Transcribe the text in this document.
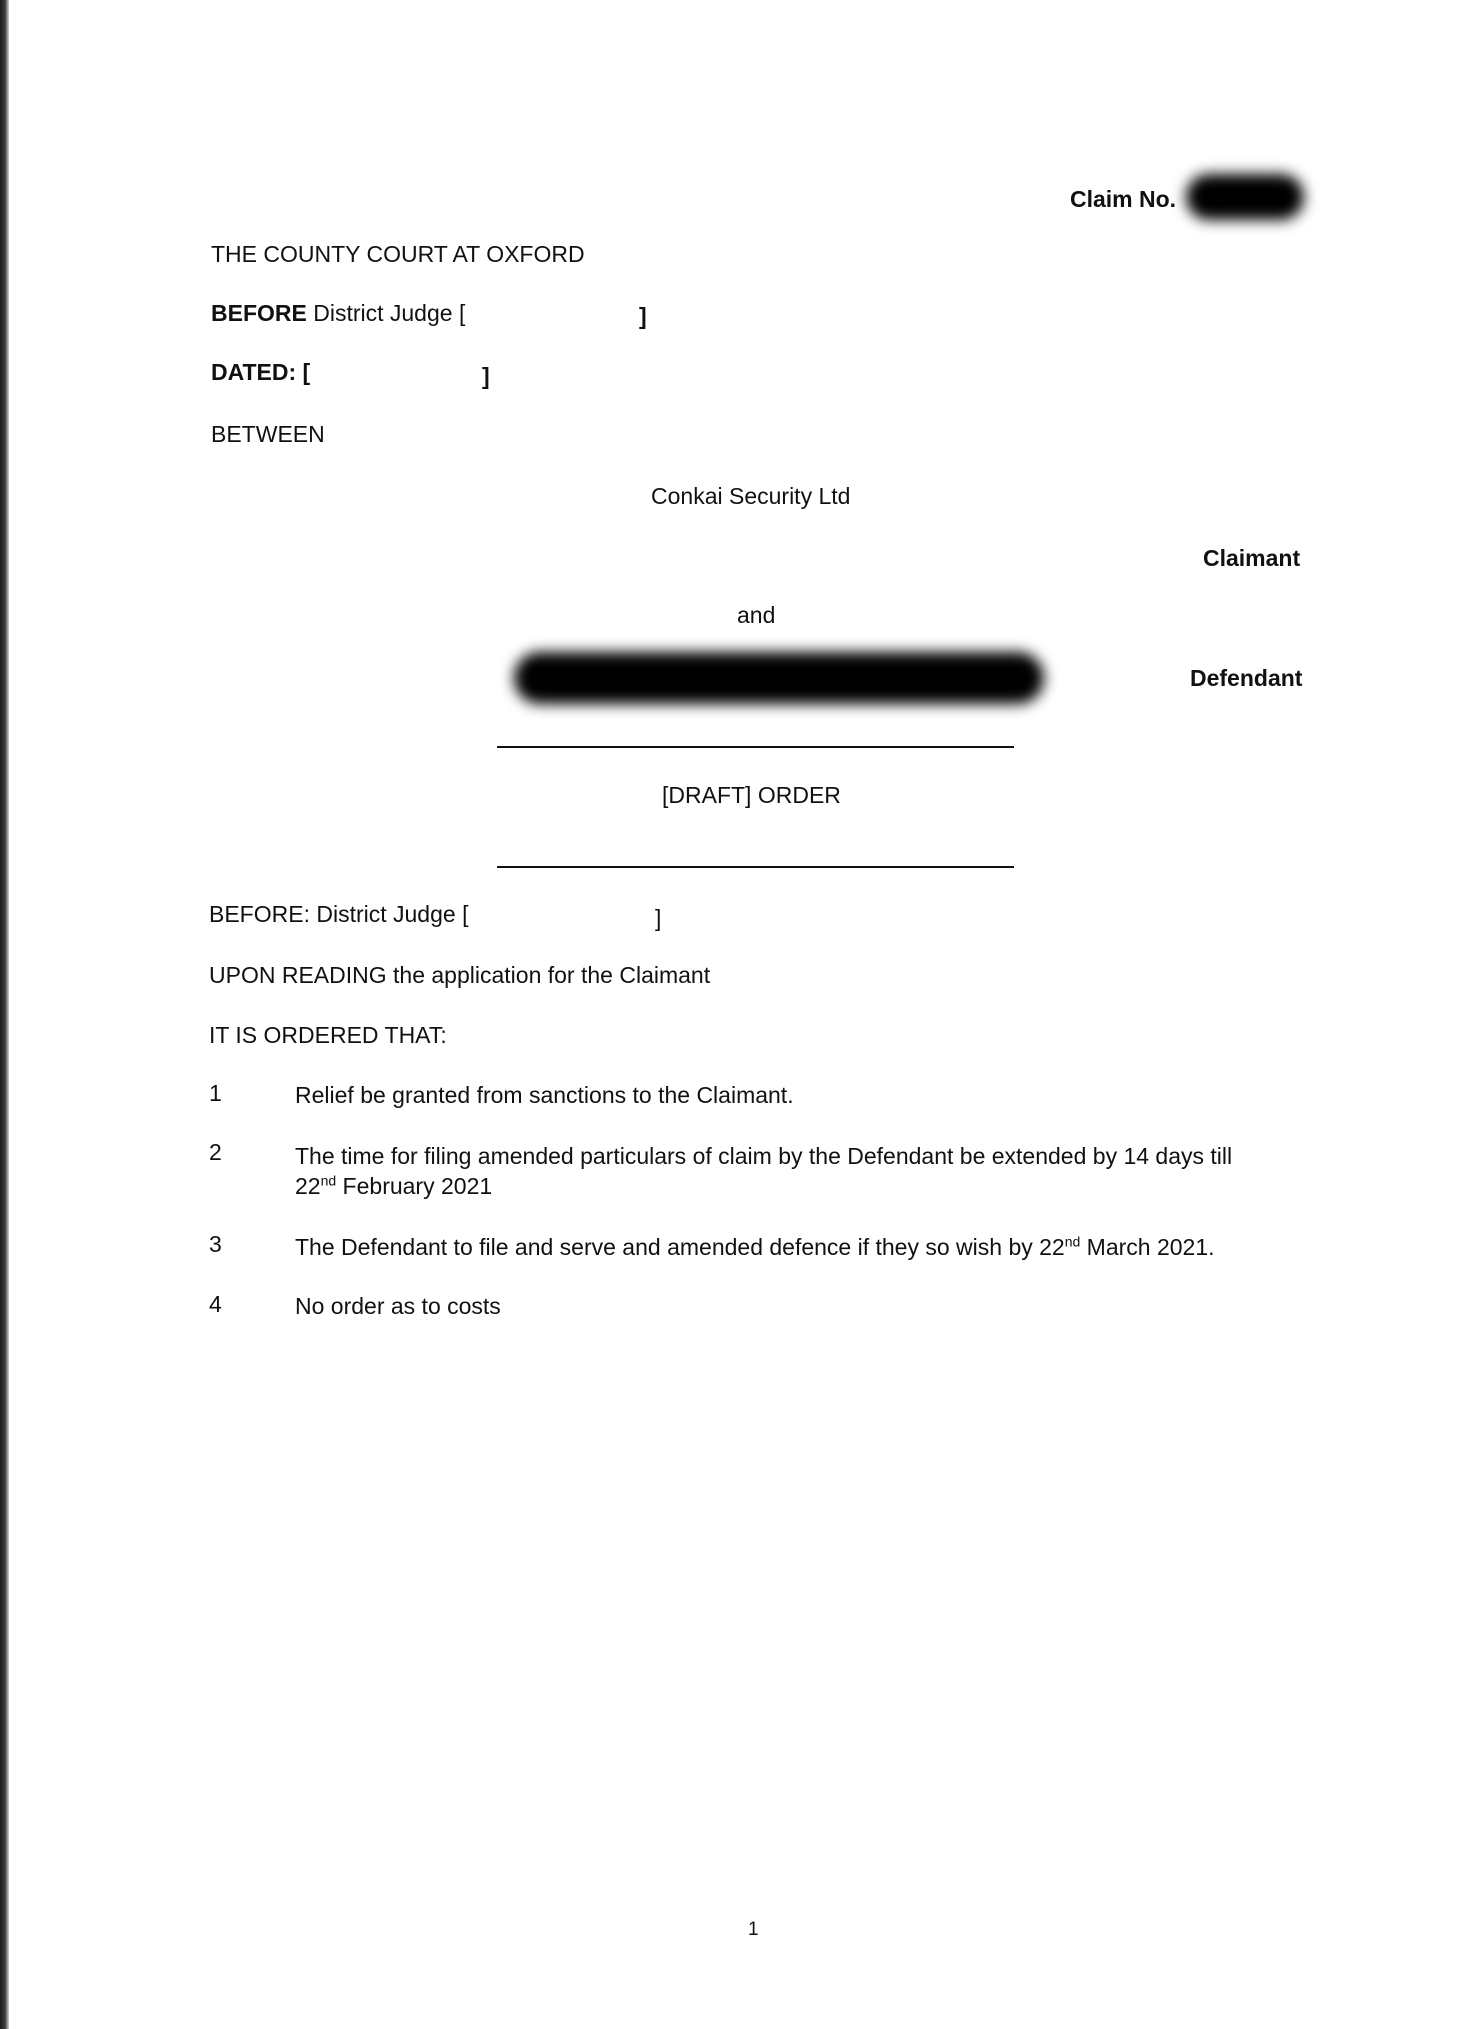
Claim No.
THE COUNTY COURT AT OXFORD
BEFORE District Judge [	]
DATED: [	]
BETWEEN
Conkai Security Ltd
Claimant
and
Defendant
[DRAFT] ORDER
BEFORE: District Judge [	]
UPON READING the application for the Claimant
IT IS ORDERED THAT:
1	Relief be granted from sanctions to the Claimant.
2	The time for filing amended particulars of claim by the Defendant be extended by 14 days till
22nd February 2021
3	The Defendant to file and serve and amended defence if they so wish by 22nd March 2021.
4	No order as to costs
1
